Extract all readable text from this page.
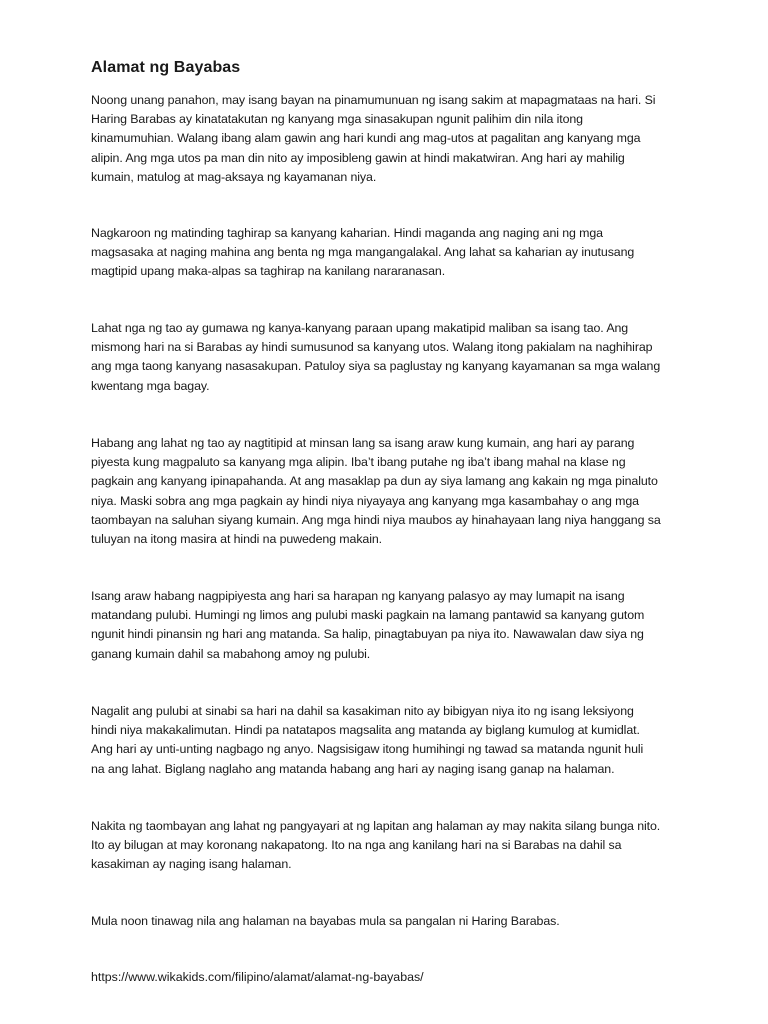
Alamat ng Bayabas
Noong unang panahon, may isang bayan na pinamumunuan ng isang sakim at mapagmataas na hari. Si
Haring Barabas ay kinatatakutan ng kanyang mga sinasakupan ngunit palihim din nila itong
kinamumuhian. Walang ibang alam gawin ang hari kundi ang mag-utos at pagalitan ang kanyang mga
alipin. Ang mga utos pa man din nito ay imposibleng gawin at hindi makatwiran. Ang hari ay mahilig
kumain, matulog at mag-aksaya ng kayamanan niya.
Nagkaroon ng matinding taghirap sa kanyang kaharian. Hindi maganda ang naging ani ng mga
magsasaka at naging mahina ang benta ng mga mangangalakal. Ang lahat sa kaharian ay inutusang
magtipid upang maka-alpas sa taghirap na kanilang nararanasan.
Lahat nga ng tao ay gumawa ng kanya-kanyang paraan upang makatipid maliban sa isang tao. Ang
mismong hari na si Barabas ay hindi sumusunod sa kanyang utos. Walang itong pakialam na naghihirap
ang mga taong kanyang nasasakupan. Patuloy siya sa paglustay ng kanyang kayamanan sa mga walang
kwentang mga bagay.
Habang ang lahat ng tao ay nagtitipid at minsan lang sa isang araw kung kumain, ang hari ay parang
piyesta kung magpaluto sa kanyang mga alipin. Iba’t ibang putahe ng iba’t ibang mahal na klase ng
pagkain ang kanyang ipinapahanda. At ang masaklap pa dun ay siya lamang ang kakain ng mga pinaluto
niya. Maski sobra ang mga pagkain ay hindi niya niyayaya ang kanyang mga kasambahay o ang mga
taombayan na saluhan siyang kumain. Ang mga hindi niya maubos ay hinahayaan lang niya hanggang sa
tuluyan na itong masira at hindi na puwedeng makain.
Isang araw habang nagpipiyesta ang hari sa harapan ng kanyang palasyo ay may lumapit na isang
matandang pulubi. Humingi ng limos ang pulubi maski pagkain na lamang pantawid sa kanyang gutom
ngunit hindi pinansin ng hari ang matanda. Sa halip, pinagtabuyan pa niya ito. Nawawalan daw siya ng
ganang kumain dahil sa mabahong amoy ng pulubi.
Nagalit ang pulubi at sinabi sa hari na dahil sa kasakiman nito ay bibigyan niya ito ng isang leksiyong
hindi niya makakalimutan. Hindi pa natatapos magsalita ang matanda ay biglang kumulog at kumidlat.
Ang hari ay unti-unting nagbago ng anyo. Nagsisigaw itong humihingi ng tawad sa matanda ngunit huli
na ang lahat. Biglang naglaho ang matanda habang ang hari ay naging isang ganap na halaman.
Nakita ng taombayan ang lahat ng pangyayari at ng lapitan ang halaman ay may nakita silang bunga nito.
Ito ay bilugan at may koronang nakapatong. Ito na nga ang kanilang hari na si Barabas na dahil sa
kasakiman ay naging isang halaman.
Mula noon tinawag nila ang halaman na bayabas mula sa pangalan ni Haring Barabas.
https://www.wikakids.com/filipino/alamat/alamat-ng-bayabas/
